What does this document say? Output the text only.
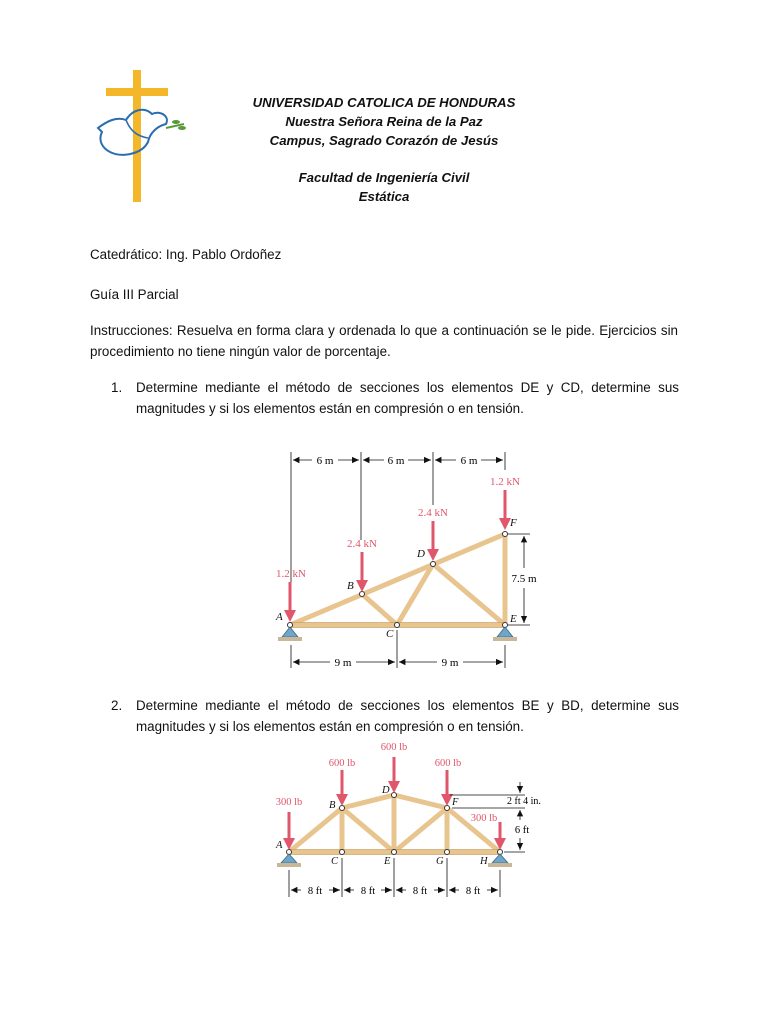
UNIVERSIDAD CATOLICA DE HONDURAS
Nuestra Señora Reina de la Paz
Campus, Sagrado Corazón de Jesús
Facultad de Ingeniería Civil
Estática
Catedrático: Ing. Pablo Ordoñez
Guía III Parcial
Instrucciones: Resuelva en forma clara y ordenada lo que a continuación se le pide. Ejercicios sin procedimiento no tiene ningún valor de porcentaje.
1. Determine mediante el método de secciones los elementos DE y CD, determine sus magnitudes y si los elementos están en compresión o en tensión.
6 m	6 m	6 m
1.2 kN
2.4 kN
2.4 kN
1.2 kN
A
B
C
D
E
F
7.5 m
9 m	9 m
2. Determine mediante el método de secciones los elementos BE y BD, determine sus magnitudes y si los elementos están en compresión o en tensión.
300 lb
600 lb
600 lb
600 lb
300 lb
A
B
C
D
E
F
G	H
2 ft 4 in.
6 ft
8 ft	8 ft	8 ft	8 ft
